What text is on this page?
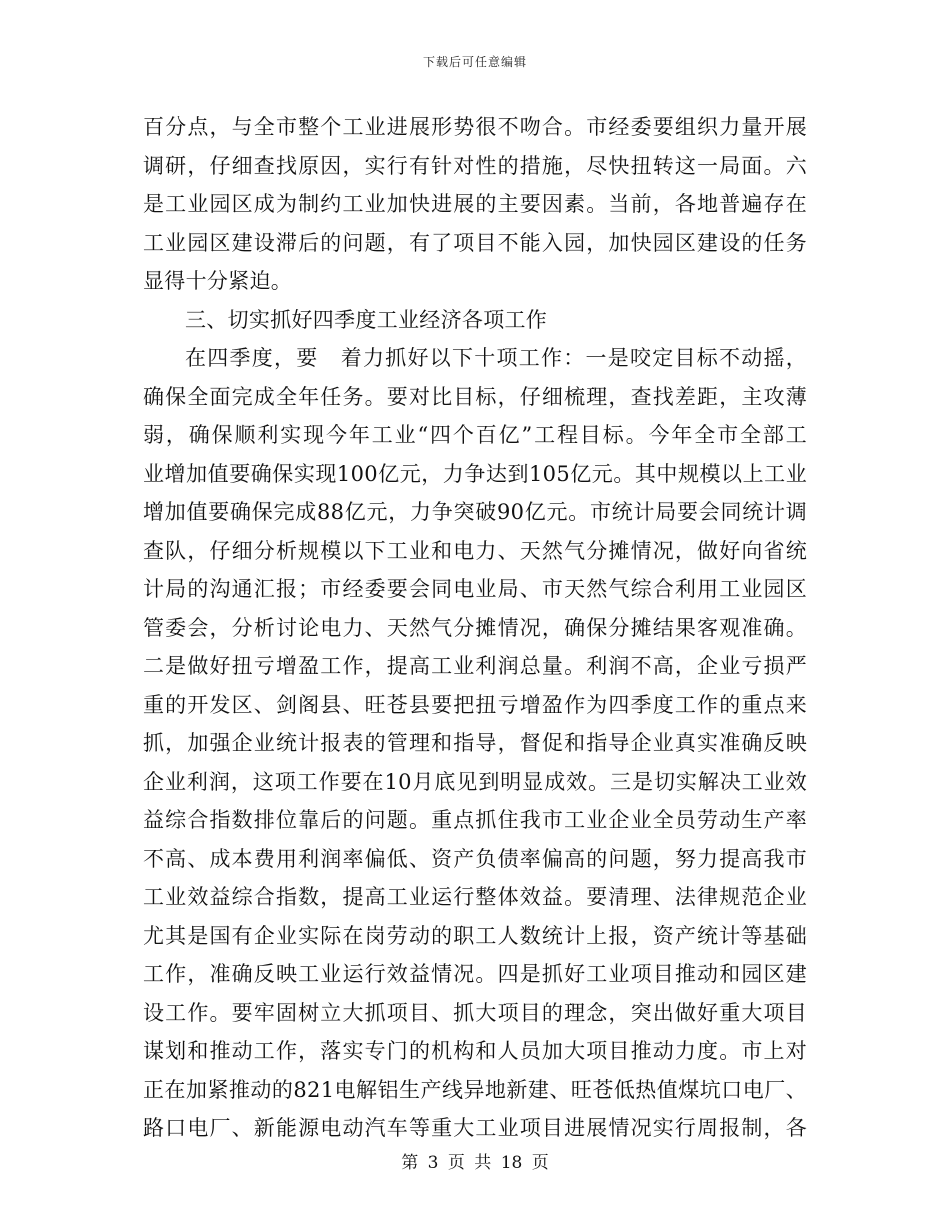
下载后可任意编辑
百分点，与全市整个工业进展形势很不吻合。市经委要组织力量开展
调研，仔细查找原因，实行有针对性的措施，尽快扭转这一局面。六
是工业园区成为制约工业加快进展的主要因素。当前，各地普遍存在
工业园区建设滞后的问题，有了项目不能入园，加快园区建设的任务
显得十分紧迫。
三、切实抓好四季度工业经济各项工作
在四季度，要　着力抓好以下十项工作：一是咬定目标不动摇，
确保全面完成全年任务。要对比目标，仔细梳理，查找差距，主攻薄
弱，确保顺利实现今年工业“四个百亿”工程目标。今年全市全部工
业增加值要确保实现100亿元，力争达到105亿元。其中规模以上工业
增加值要确保完成88亿元，力争突破90亿元。市统计局要会同统计调
查队，仔细分析规模以下工业和电力、天然气分摊情况，做好向省统
计局的沟通汇报；市经委要会同电业局、市天然气综合利用工业园区
管委会，分析讨论电力、天然气分摊情况，确保分摊结果客观准确。
二是做好扭亏增盈工作，提高工业利润总量。利润不高，企业亏损严
重的开发区、剑阁县、旺苍县要把扭亏增盈作为四季度工作的重点来
抓，加强企业统计报表的管理和指导，督促和指导企业真实准确反映
企业利润，这项工作要在10月底见到明显成效。三是切实解决工业效
益综合指数排位靠后的问题。重点抓住我市工业企业全员劳动生产率
不高、成本费用利润率偏低、资产负债率偏高的问题，努力提高我市
工业效益综合指数，提高工业运行整体效益。要清理、法律规范企业
尤其是国有企业实际在岗劳动的职工人数统计上报，资产统计等基础
工作，准确反映工业运行效益情况。四是抓好工业项目推动和园区建
设工作。要牢固树立大抓项目、抓大项目的理念，突出做好重大项目
谋划和推动工作，落实专门的机构和人员加大项目推动力度。市上对
正在加紧推动的821电解铝生产线异地新建、旺苍低热值煤坑口电厂、
路口电厂、新能源电动汽车等重大工业项目进展情况实行周报制，各
第 3 页 共 18 页
